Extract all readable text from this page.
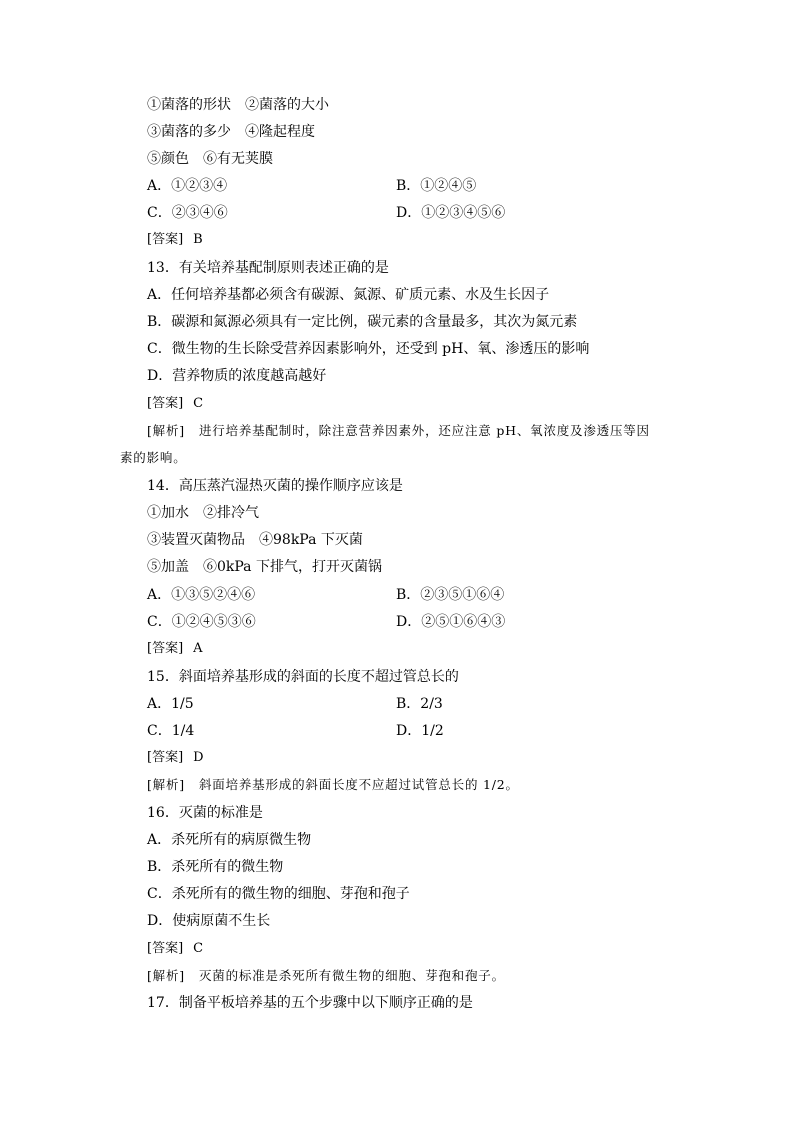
①菌落的形状　②菌落的大小
③菌落的多少　④隆起程度
⑤颜色　⑥有无荚膜
A．①②③④	B．①②④⑤
C．②③④⑥	D．①②③④⑤⑥
[答案] B
13．有关培养基配制原则表述正确的是
A．任何培养基都必须含有碳源、氮源、矿质元素、水及生长因子
B．碳源和氮源必须具有一定比例，碳元素的含量最多，其次为氮元素
C．微生物的生长除受营养因素影响外，还受到 pH、氧、渗透压的影响
D．营养物质的浓度越高越好
[答案] C
[解析] 进行培养基配制时，除注意营养因素外，还应注意 pH、氧浓度及渗透压等因
素的影响。
14．高压蒸汽湿热灭菌的操作顺序应该是
①加水　②排冷气
③装置灭菌物品　④98kPa 下灭菌
⑤加盖　⑥0kPa 下排气，打开灭菌锅
A．①③⑤②④⑥	B．②③⑤①⑥④
C．①②④⑤③⑥	D．②⑤①⑥④③
[答案] A
15．斜面培养基形成的斜面的长度不超过管总长的
A．1/5	B．2/3
C．1/4	D．1/2
[答案] D
[解析] 斜面培养基形成的斜面长度不应超过试管总长的 1/2。
16．灭菌的标准是
A．杀死所有的病原微生物
B．杀死所有的微生物
C．杀死所有的微生物的细胞、芽孢和孢子
D．使病原菌不生长
[答案] C
[解析] 灭菌的标准是杀死所有微生物的细胞、芽孢和孢子。
17．制备平板培养基的五个步骤中以下顺序正确的是
